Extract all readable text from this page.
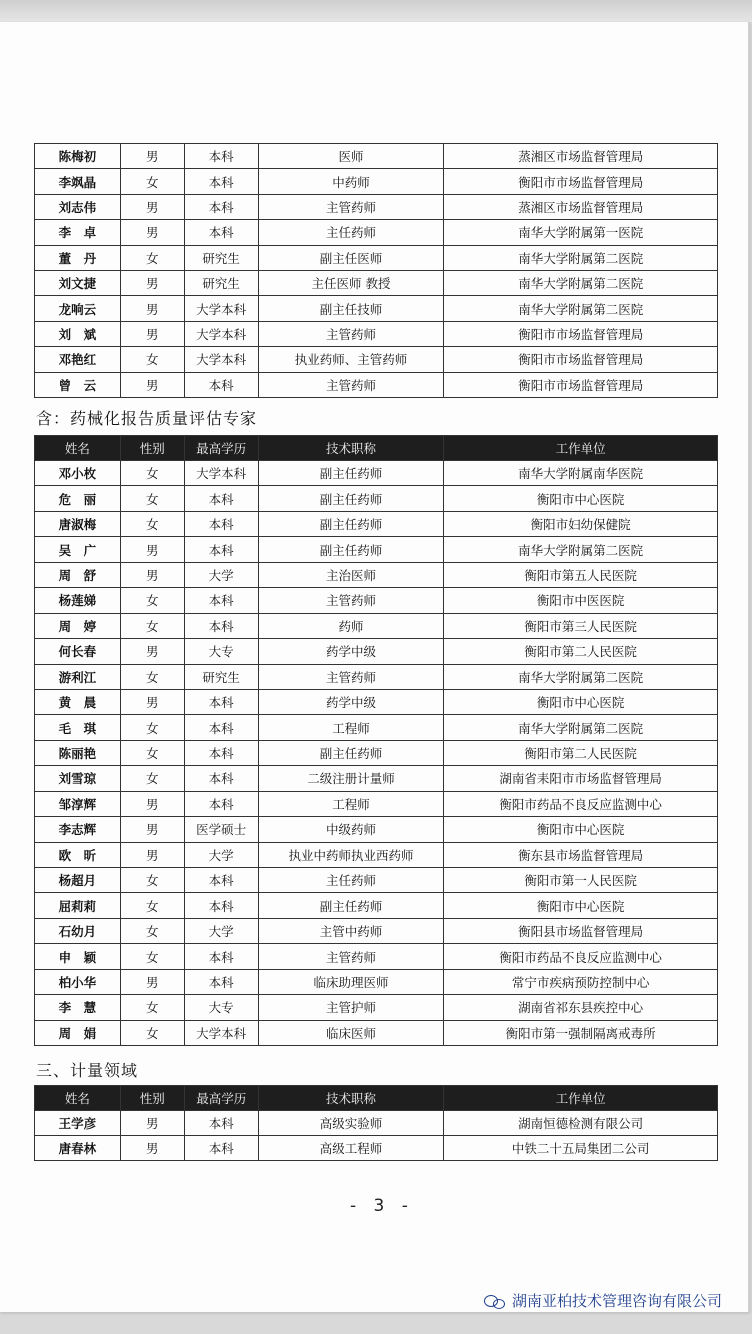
陈梅初	男	本科	医师	蒸湘区市场监督管理局
李飒晶	女	本科	中药师	衡阳市市场监督管理局
刘志伟	男	本科	主管药师	蒸湘区市场监督管理局
李　卓	男	本科	主任药师	南华大学附属第一医院
董　丹	女	研究生	副主任医师	南华大学附属第二医院
刘文捷	男	研究生	主任医师 教授	南华大学附属第二医院
龙响云	男	大学本科	副主任技师	南华大学附属第二医院
刘　斌	男	大学本科	主管药师	衡阳市市场监督管理局
邓艳红	女	大学本科	执业药师、主管药师	衡阳市市场监督管理局
曾　云	男	本科	主管药师	衡阳市市场监督管理局
含：药械化报告质量评估专家
姓名	性别	最高学历	技术职称	工作单位
邓小枚	女	大学本科	副主任药师	南华大学附属南华医院
危　丽	女	本科	副主任药师	衡阳市中心医院
唐淑梅	女	本科	副主任药师	衡阳市妇幼保健院
吴　广	男	本科	副主任药师	南华大学附属第二医院
周　舒	男	大学	主治医师	衡阳市第五人民医院
杨莲娣	女	本科	主管药师	衡阳市中医医院
周　婷	女	本科	药师	衡阳市第三人民医院
何长春	男	大专	药学中级	衡阳市第二人民医院
游利江	女	研究生	主管药师	南华大学附属第二医院
黄　晨	男	本科	药学中级	衡阳市中心医院
毛　琪	女	本科	工程师	南华大学附属第二医院
陈丽艳	女	本科	副主任药师	衡阳市第二人民医院
刘雪琼	女	本科	二级注册计量师	湖南省耒阳市市场监督管理局
邹淳辉	男	本科	工程师	衡阳市药品不良反应监测中心
李志辉	男	医学硕士	中级药师	衡阳市中心医院
欧　昕	男	大学	执业中药师执业西药师	衡东县市场监督管理局
杨超月	女	本科	主任药师	衡阳市第一人民医院
屈莉莉	女	本科	副主任药师	衡阳市中心医院
石幼月	女	大学	主管中药师	衡阳县市场监督管理局
申　颖	女	本科	主管药师	衡阳市药品不良反应监测中心
柏小华	男	本科	临床助理医师	常宁市疾病预防控制中心
李　慧	女	大专	主管护师	湖南省祁东县疾控中心
周　娟	女	大学本科	临床医师	衡阳市第一强制隔离戒毒所
三、计量领域
姓名	性别	最高学历	技术职称	工作单位
王学彦	男	本科	高级实验师	湖南恒德检测有限公司
唐春林	男	本科	高级工程师	中铁二十五局集团二公司
- 3 -
湖南亚柏技术管理咨询有限公司
